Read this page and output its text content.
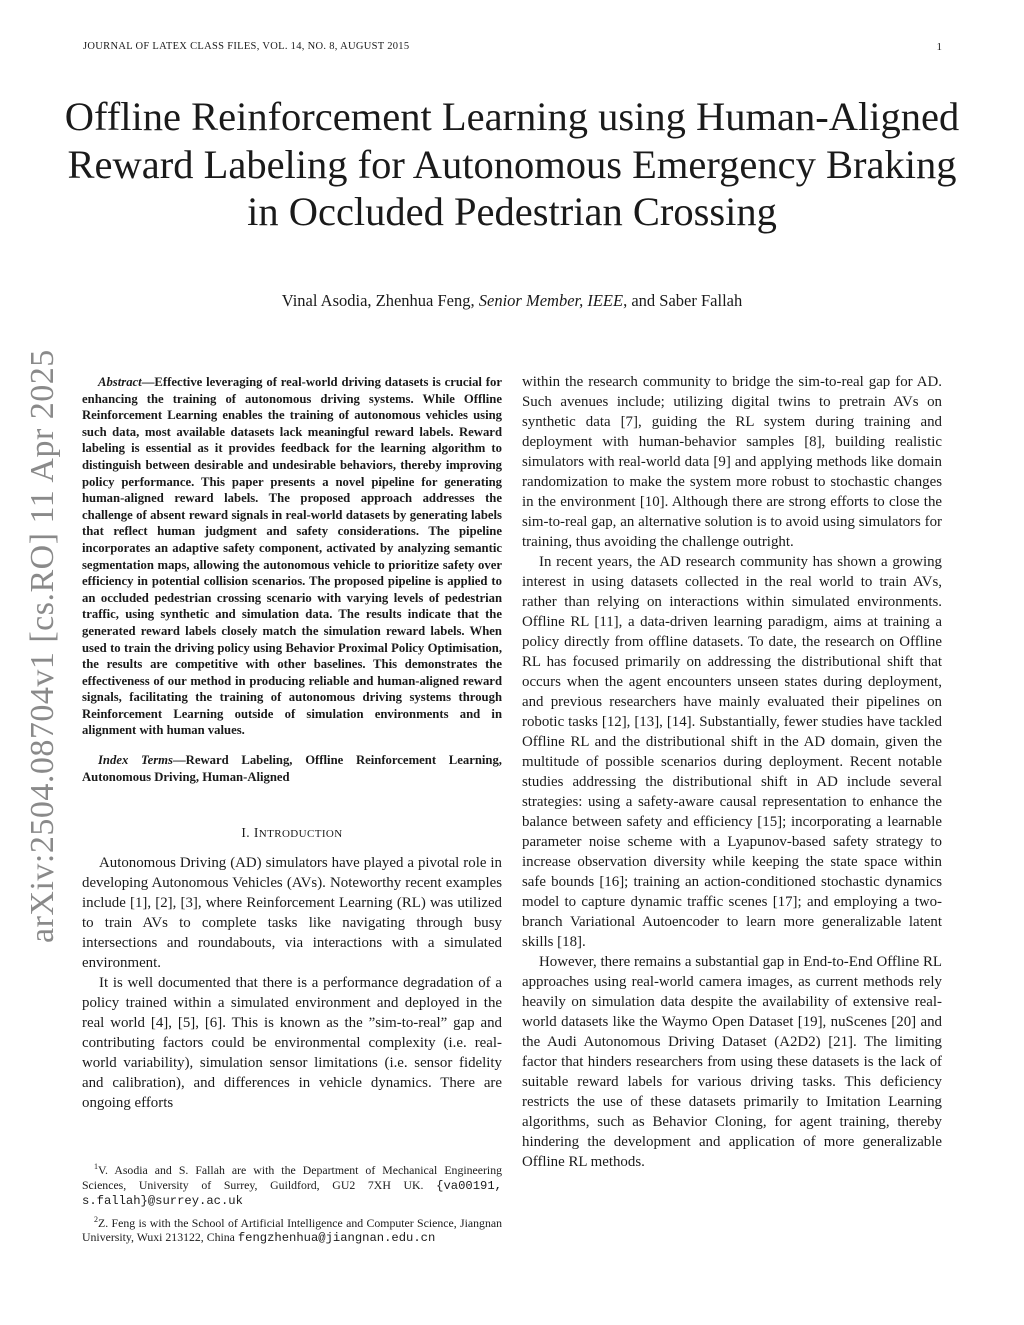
JOURNAL OF LATEX CLASS FILES, VOL. 14, NO. 8, AUGUST 2015	1
Offline Reinforcement Learning using Human-Aligned Reward Labeling for Autonomous Emergency Braking in Occluded Pedestrian Crossing
Vinal Asodia, Zhenhua Feng, Senior Member, IEEE, and Saber Fallah
arXiv:2504.08704v1 [cs.RO] 11 Apr 2025	Abstract—Effective leveraging of real-world driving datasets is crucial for enhancing the training of autonomous driving systems. While Offline Reinforcement Learning enables the training of autonomous vehicles using such data, most available datasets lack meaningful reward labels. Reward labeling is essential as it provides feedback for the learning algorithm to distinguish between desirable and undesirable behaviors, thereby improving policy performance. This paper presents a novel pipeline for generating human-aligned reward labels. The proposed approach addresses the challenge of absent reward signals in real-world datasets by generating labels that reflect human judgment and safety considerations. The pipeline incorporates an adaptive safety component, activated by analyzing semantic segmentation maps, allowing the autonomous vehicle to prioritize safety over efficiency in potential collision scenarios. The proposed pipeline is applied to an occluded pedestrian crossing scenario with varying levels of pedestrian traffic, using synthetic and simulation data. The results indicate that the generated reward labels closely match the simulation reward labels. When used to train the driving policy using Behavior Proximal Policy Optimisation, the results are competitive with other baselines. This demonstrates the effectiveness of our method in producing reliable and human-aligned reward signals, facilitating the training of autonomous driving systems through Reinforcement Learning outside of simulation environments and in alignment with human values.

Index Terms—Reward Labeling, Offline Reinforcement Learning, Autonomous Driving, Human-Aligned

I. INTRODUCTION

Autonomous Driving (AD) simulators have played a pivotal role in developing Autonomous Vehicles (AVs). Noteworthy recent examples include [1], [2], [3], where Reinforcement Learning (RL) was utilized to train AVs to complete tasks like navigating through busy intersections and roundabouts, via interactions with a simulated environment.

It is well documented that there is a performance degradation of a policy trained within a simulated environment and deployed in the real world [4], [5], [6]. This is known as the ”sim-to-real” gap and contributing factors could be environmental complexity (i.e. real-world variability), simulation sensor limitations (i.e. sensor fidelity and calibration), and differences in vehicle dynamics. There are ongoing efforts

$^1$V. Asodia and S. Fallah are with the Department of Mechanical Engineering Sciences, University of Surrey, Guildford, GU2 7XH UK. {va00191, s.fallah}@surrey.ac.uk

$^2$Z. Feng is with the School of Artificial Intelligence and Computer Science, Jiangnan University, Wuxi 213122, China fengzhenhua@jiangnan.edu.cn

within the research community to bridge the sim-to-real gap for AD. Such avenues include; utilizing digital twins to pretrain AVs on synthetic data [7], guiding the RL system during training and deployment with human-behavior samples [8], building realistic simulators with real-world data [9] and applying methods like domain randomization to make the system more robust to stochastic changes in the environment [10]. Although there are strong efforts to close the sim-to-real gap, an alternative solution is to avoid using simulators for training, thus avoiding the challenge outright.

In recent years, the AD research community has shown a growing interest in using datasets collected in the real world to train AVs, rather than relying on interactions within simulated environments. Offline RL [11], a data-driven learning paradigm, aims at training a policy directly from offline datasets. To date, the research on Offline RL has focused primarily on addressing the distributional shift that occurs when the agent encounters unseen states during deployment, and previous researchers have mainly evaluated their pipelines on robotic tasks [12], [13], [14]. Substantially, fewer studies have tackled Offline RL and the distributional shift in the AD domain, given the multitude of possible scenarios during deployment. Recent notable studies addressing the distributional shift in AD include several strategies: using a safety-aware causal representation to enhance the balance between safety and efficiency [15]; incorporating a learnable parameter noise scheme with a Lyapunov-based safety strategy to increase observation diversity while keeping the state space within safe bounds [16]; training an action-conditioned stochastic dynamics model to capture dynamic traffic scenes [17]; and employing a two-branch Variational Autoencoder to learn more generalizable latent skills [18].

However, there remains a substantial gap in End-to-End Offline RL approaches using real-world camera images, as current methods rely heavily on simulation data despite the availability of extensive real-world datasets like the Waymo Open Dataset [19], nuScenes [20] and the Audi Autonomous Driving Dataset (A2D2) [21]. The limiting factor that hinders researchers from using these datasets is the lack of suitable reward labels for various driving tasks. This deficiency restricts the use of these datasets primarily to Imitation Learning algorithms, such as Behavior Cloning, for agent training, thereby hindering the development and application of more generalizable Offline RL methods.
